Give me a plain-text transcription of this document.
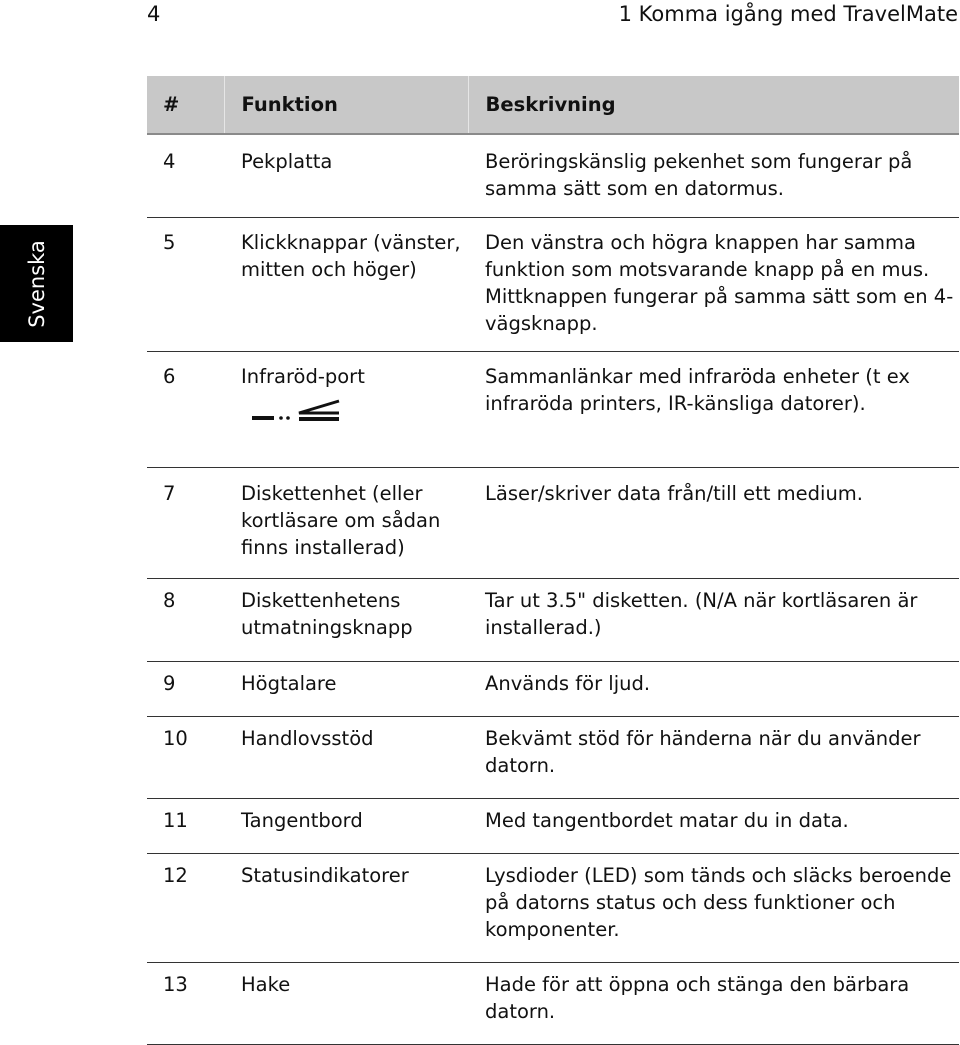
4	1 Komma igång med TravelMate
Svenska
#	Funktion	Beskrivning
4	Pekplatta	Beröringskänslig pekenhet som fungerar på samma sätt som en datormus.
5	Klickknappar (vänster, mitten och höger)	Den vänstra och högra knappen har samma funktion som motsvarande knapp på en mus. Mittknappen fungerar på samma sätt som en 4-vägsknapp.
6	Infraröd-port	Sammanlänkar med infraröda enheter (t ex infraröda printers, IR-känsliga datorer).
7	Diskettenhet (eller kortläsare om sådan finns installerad)	Läser/skriver data från/till ett medium.
8	Diskettenhetens utmatningsknapp	Tar ut 3.5" disketten. (N/A när kortläsaren är installerad.)
9	Högtalare	Används för ljud.
10	Handlovsstöd	Bekvämt stöd för händerna när du använder datorn.
11	Tangentbord	Med tangentbordet matar du in data.
12	Statusindikatorer	Lysdioder (LED) som tänds och släcks beroende på datorns status och dess funktioner och komponenter.
13	Hake	Hade för att öppna och stänga den bärbara datorn.
